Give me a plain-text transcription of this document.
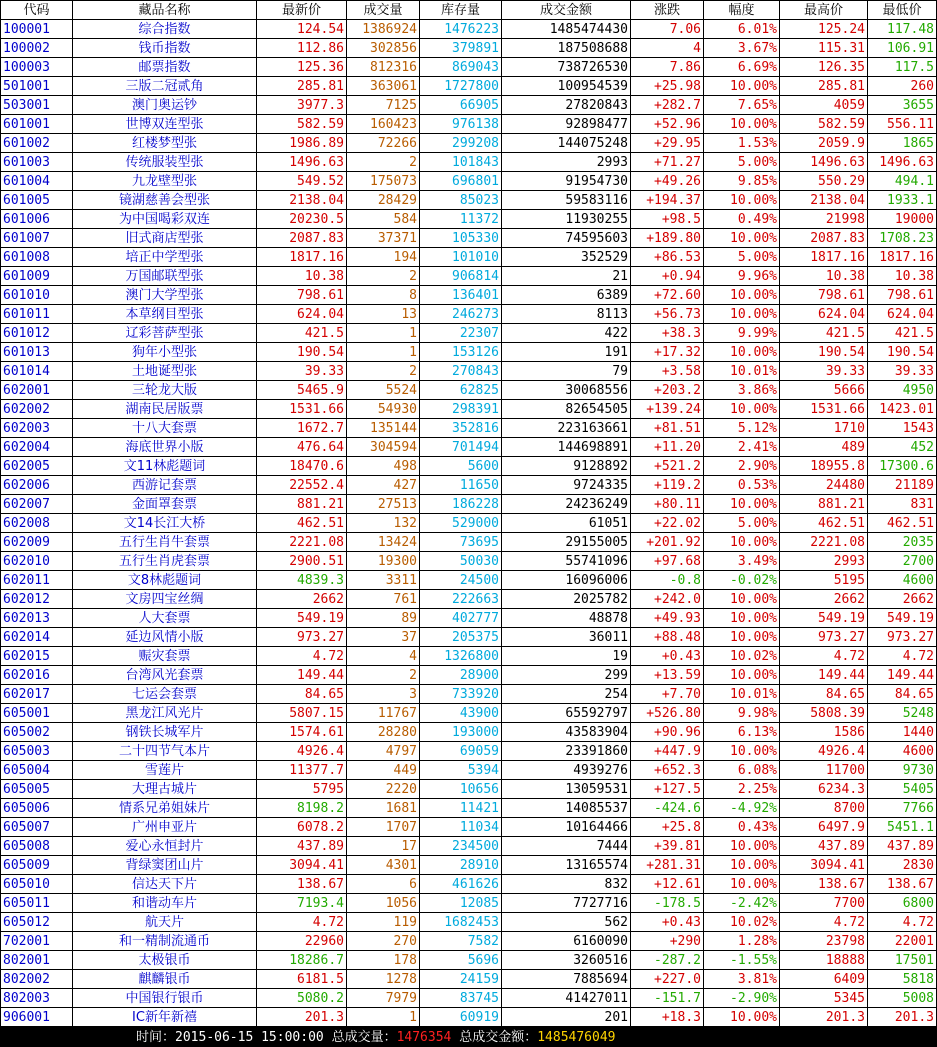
代码	藏品名称	最新价	成交量	库存量	成交金额	涨跌	幅度	最高价	最低价
100001	综合指数	124.54	1386924	1476223	1485474430	7.06	6.01%	125.24	117.48
100002	钱币指数	112.86	302856	379891	187508688	4	3.67%	115.31	106.91
100003	邮票指数	125.36	812316	869043	738726530	7.86	6.69%	126.35	117.5
501001	三版二冠贰角	285.81	363061	1727800	100954539	+25.98	10.00%	285.81	260
503001	澳门奥运钞	3977.3	7125	66905	27820843	+282.7	7.65%	4059	3655
601001	世博双连型张	582.59	160423	976138	92898477	+52.96	10.00%	582.59	556.11
601002	红楼梦型张	1986.89	72266	299208	144075248	+29.95	1.53%	2059.9	1865
601003	传统服装型张	1496.63	2	101843	2993	+71.27	5.00%	1496.63	1496.63
601004	九龙壁型张	549.52	175073	696801	91954730	+49.26	9.85%	550.29	494.1
601005	镜湖慈善会型张	2138.04	28429	85023	59583116	+194.37	10.00%	2138.04	1933.1
601006	为中国喝彩双连	20230.5	584	11372	11930255	+98.5	0.49%	21998	19000
601007	旧式商店型张	2087.83	37371	105330	74595603	+189.80	10.00%	2087.83	1708.23
601008	培正中学型张	1817.16	194	101010	352529	+86.53	5.00%	1817.16	1817.16
601009	万国邮联型张	10.38	2	906814	21	+0.94	9.96%	10.38	10.38
601010	澳门大学型张	798.61	8	136401	6389	+72.60	10.00%	798.61	798.61
601011	本草纲目型张	624.04	13	246273	8113	+56.73	10.00%	624.04	624.04
601012	辽彩菩萨型张	421.5	1	22307	422	+38.3	9.99%	421.5	421.5
601013	狗年小型张	190.54	1	153126	191	+17.32	10.00%	190.54	190.54
601014	土地诞型张	39.33	2	270843	79	+3.58	10.01%	39.33	39.33
602001	三轮龙大版	5465.9	5524	62825	30068556	+203.2	3.86%	5666	4950
602002	湖南民居版票	1531.66	54930	298391	82654505	+139.24	10.00%	1531.66	1423.01
602003	十八大套票	1672.7	135144	352816	223163661	+81.51	5.12%	1710	1543
602004	海底世界小版	476.64	304594	701494	144698891	+11.20	2.41%	489	452
602005	文11林彪题词	18470.6	498	5600	9128892	+521.2	2.90%	18955.8	17300.6
602006	西游记套票	22552.4	427	11650	9724335	+119.2	0.53%	24480	21189
602007	金面罩套票	881.21	27513	186228	24236249	+80.11	10.00%	881.21	831
602008	文14长江大桥	462.51	132	529000	61051	+22.02	5.00%	462.51	462.51
602009	五行生肖牛套票	2221.08	13424	73695	29155005	+201.92	10.00%	2221.08	2035
602010	五行生肖虎套票	2900.51	19300	50030	55741096	+97.68	3.49%	2993	2700
602011	文8林彪题词	4839.3	3311	24500	16096006	-0.8	-0.02%	5195	4600
602012	文房四宝丝绸	2662	761	222663	2025782	+242.0	10.00%	2662	2662
602013	人大套票	549.19	89	402777	48878	+49.93	10.00%	549.19	549.19
602014	延边风情小版	973.27	37	205375	36011	+88.48	10.00%	973.27	973.27
602015	赈灾套票	4.72	4	1326800	19	+0.43	10.02%	4.72	4.72
602016	台湾风光套票	149.44	2	28900	299	+13.59	10.00%	149.44	149.44
602017	七运会套票	84.65	3	733920	254	+7.70	10.01%	84.65	84.65
605001	黑龙江风光片	5807.15	11767	43900	65592797	+526.80	9.98%	5808.39	5248
605002	钢铁长城军片	1574.61	28280	193000	43583904	+90.96	6.13%	1586	1440
605003	二十四节气本片	4926.4	4797	69059	23391860	+447.9	10.00%	4926.4	4600
605004	雪莲片	11377.7	449	5394	4939276	+652.3	6.08%	11700	9730
605005	大理古城片	5795	2220	10656	13059531	+127.5	2.25%	6234.3	5405
605006	情系兄弟姐妹片	8198.2	1681	11421	14085537	-424.6	-4.92%	8700	7766
605007	广州申亚片	6078.2	1707	11034	10164466	+25.8	0.43%	6497.9	5451.1
605008	爱心永恒封片	437.89	17	234500	7444	+39.81	10.00%	437.89	437.89
605009	背绿窦团山片	3094.41	4301	28910	13165574	+281.31	10.00%	3094.41	2830
605010	信达天下片	138.67	6	461626	832	+12.61	10.00%	138.67	138.67
605011	和谐动车片	7193.4	1056	12085	7727716	-178.5	-2.42%	7700	6800
605012	航天片	4.72	119	1682453	562	+0.43	10.02%	4.72	4.72
702001	和一精制流通币	22960	270	7582	6160090	+290	1.28%	23798	22001
802001	太极银币	18286.7	178	5696	3260516	-287.2	-1.55%	18888	17501
802002	麒麟银币	6181.5	1278	24159	7885694	+227.0	3.81%	6409	5818
802003	中国银行银币	5080.2	7979	83745	41427011	-151.7	-2.90%	5345	5008
906001	IC新年新禧	201.3	1	60919	201	+18.3	10.00%	201.3	201.3
时间：2015-06-15 15:00:00 总成交量：1476354 总成交金额：1485476049
